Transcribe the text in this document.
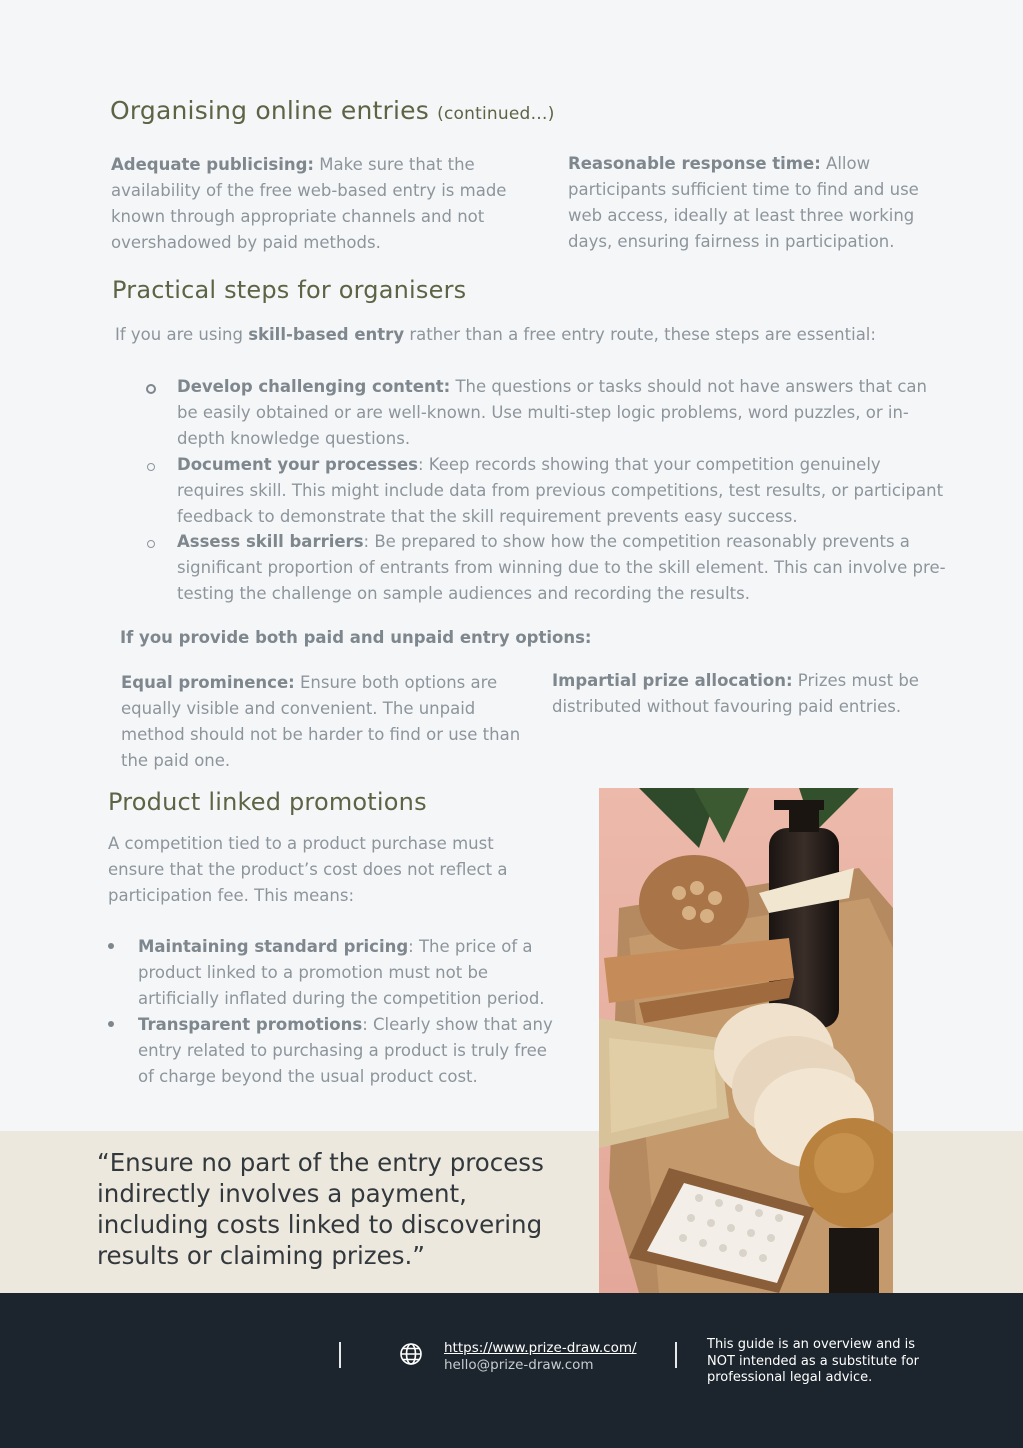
Organising online entries (continued…)

Adequate publicising: Make sure that the availability of the free web-based entry is made known through appropriate channels and not overshadowed by paid methods.

Reasonable response time: Allow participants sufficient time to find and use web access, ideally at least three working days, ensuring fairness in participation.

Practical steps for organisers

If you are using skill-based entry rather than a free entry route, these steps are essential:

Develop challenging content: The questions or tasks should not have answers that can be easily obtained or are well-known. Use multi-step logic problems, word puzzles, or in-depth knowledge questions.
Document your processes: Keep records showing that your competition genuinely requires skill. This might include data from previous competitions, test results, or participant feedback to demonstrate that the skill requirement prevents easy success.
Assess skill barriers: Be prepared to show how the competition reasonably prevents a significant proportion of entrants from winning due to the skill element. This can involve pre-testing the challenge on sample audiences and recording the results.
If you provide both paid and unpaid entry options:

Equal prominence: Ensure both options are equally visible and convenient. The unpaid method should not be harder to find or use than the paid one.

Impartial prize allocation: Prizes must be distributed without favouring paid entries.

Product linked promotions

A competition tied to a product purchase must ensure that the product’s cost does not reflect a participation fee. This means:

Maintaining standard pricing: The price of a product linked to a promotion must not be artificially inflated during the competition period.
Transparent promotions: Clearly show that any entry related to purchasing a product is truly free of charge beyond the usual product cost.
“Ensure no part of the entry process indirectly involves a payment, including costs linked to discovering results or claiming prizes.”
https://www.prize-draw.com/
hello@prize-draw.com
This guide is an overview and is NOT intended as a substitute for professional legal advice.
